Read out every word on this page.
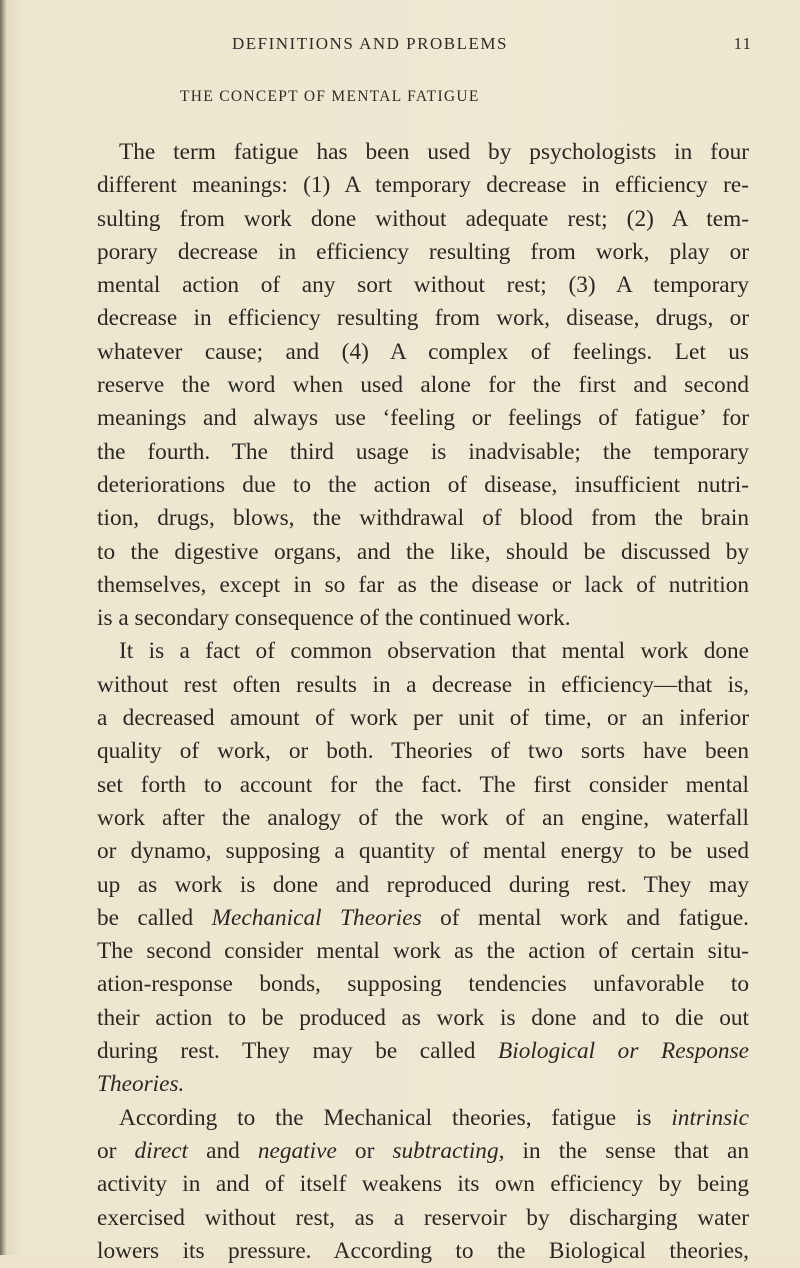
DEFINITIONS AND PROBLEMS	11
THE CONCEPT OF MENTAL FATIGUE
The term fatigue has been used by psychologists in four
different meanings: (1) A temporary decrease in efficiency re-
sulting from work done without adequate rest; (2) A tem-
porary decrease in efficiency resulting from work, play or
mental action of any sort without rest; (3) A temporary
decrease in efficiency resulting from work, disease, drugs, or
whatever cause; and (4) A complex of feelings. Let us
reserve the word when used alone for the first and second
meanings and always use ‘feeling or feelings of fatigue’ for
the fourth. The third usage is inadvisable; the temporary
deteriorations due to the action of disease, insufficient nutri-
tion, drugs, blows, the withdrawal of blood from the brain
to the digestive organs, and the like, should be discussed by
themselves, except in so far as the disease or lack of nutrition
is a secondary consequence of the continued work.
It is a fact of common observation that mental work done
without rest often results in a decrease in efficiency—that is,
a decreased amount of work per unit of time, or an inferior
quality of work, or both. Theories of two sorts have been
set forth to account for the fact. The first consider mental
work after the analogy of the work of an engine, waterfall
or dynamo, supposing a quantity of mental energy to be used
up as work is done and reproduced during rest. They may
be called Mechanical Theories of mental work and fatigue.
The second consider mental work as the action of certain situ-
ation-response bonds, supposing tendencies unfavorable to
their action to be produced as work is done and to die out
during rest. They may be called Biological or Response
Theories.
According to the Mechanical theories, fatigue is intrinsic
or direct and negative or subtracting, in the sense that an
activity in and of itself weakens its own efficiency by being
exercised without rest, as a reservoir by discharging water
lowers its pressure. According to the Biological theories,
